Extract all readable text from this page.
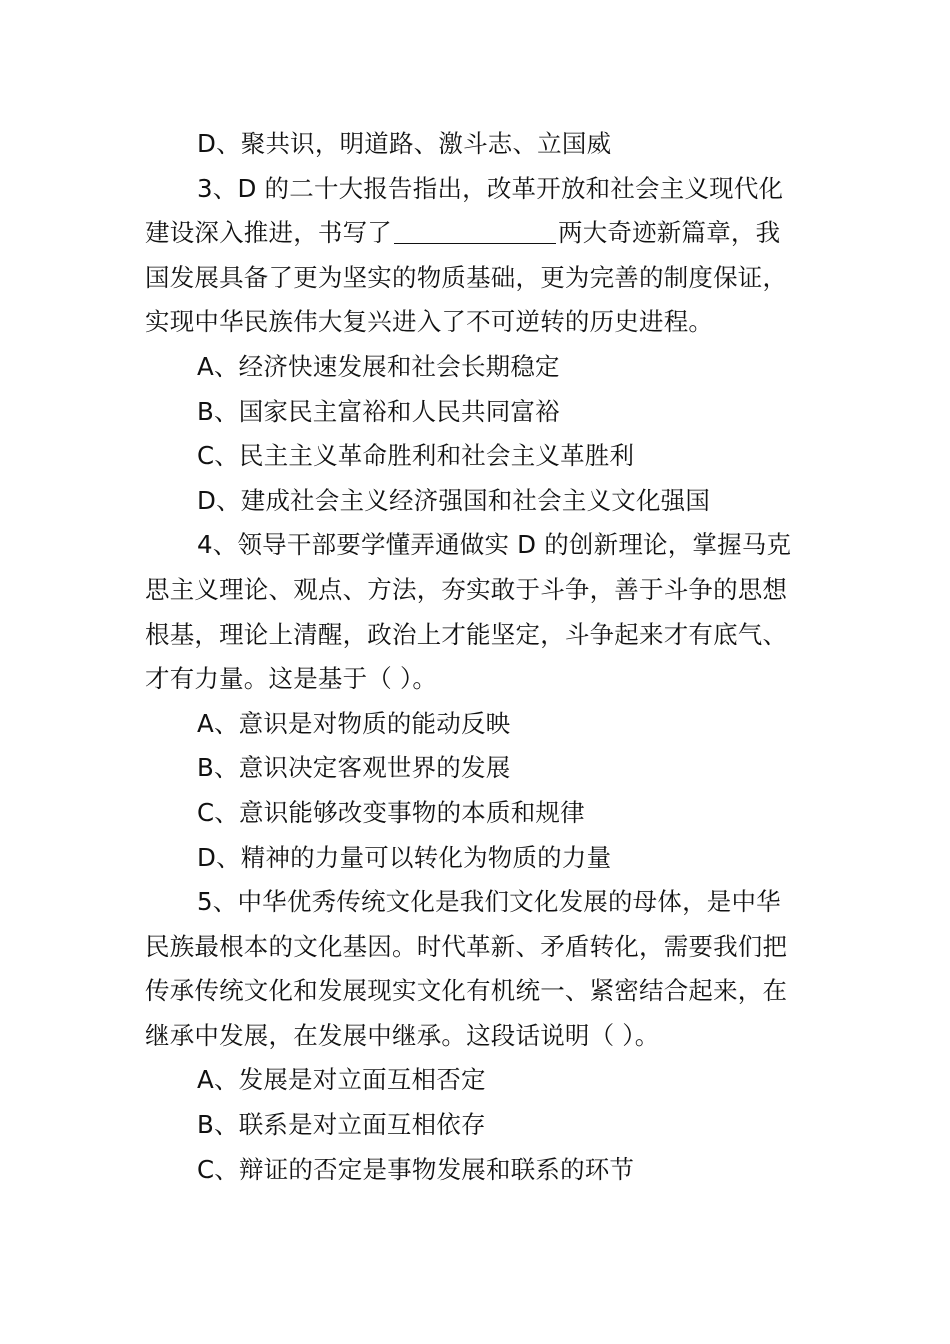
D、聚共识，明道路、激斗志、立国威
3、D 的二十大报告指出，改革开放和社会主义现代化
建设深入推进，书写了	两大奇迹新篇章，我
国发展具备了更为坚实的物质基础，更为完善的制度保证，
实现中华民族伟大复兴进入了不可逆转的历史进程。
A、经济快速发展和社会长期稳定
B、国家民主富裕和人民共同富裕
C、民主主义革命胜利和社会主义革胜利
D、建成社会主义经济强国和社会主义文化强国
4、领导干部要学懂弄通做实 D 的创新理论，掌握马克
思主义理论、观点、方法，夯实敢于斗争，善于斗争的思想
根基，理论上清醒，政治上才能坚定，斗争起来才有底气、
才有力量。这是基于（ ）。
A、意识是对物质的能动反映
B、意识决定客观世界的发展
C、意识能够改变事物的本质和规律
D、精神的力量可以转化为物质的力量
5、中华优秀传统文化是我们文化发展的母体，是中华
民族最根本的文化基因。时代革新、矛盾转化，需要我们把
传承传统文化和发展现实文化有机统一、紧密结合起来，在
继承中发展，在发展中继承。这段话说明（ ）。
A、发展是对立面互相否定
B、联系是对立面互相依存
C、辩证的否定是事物发展和联系的环节
